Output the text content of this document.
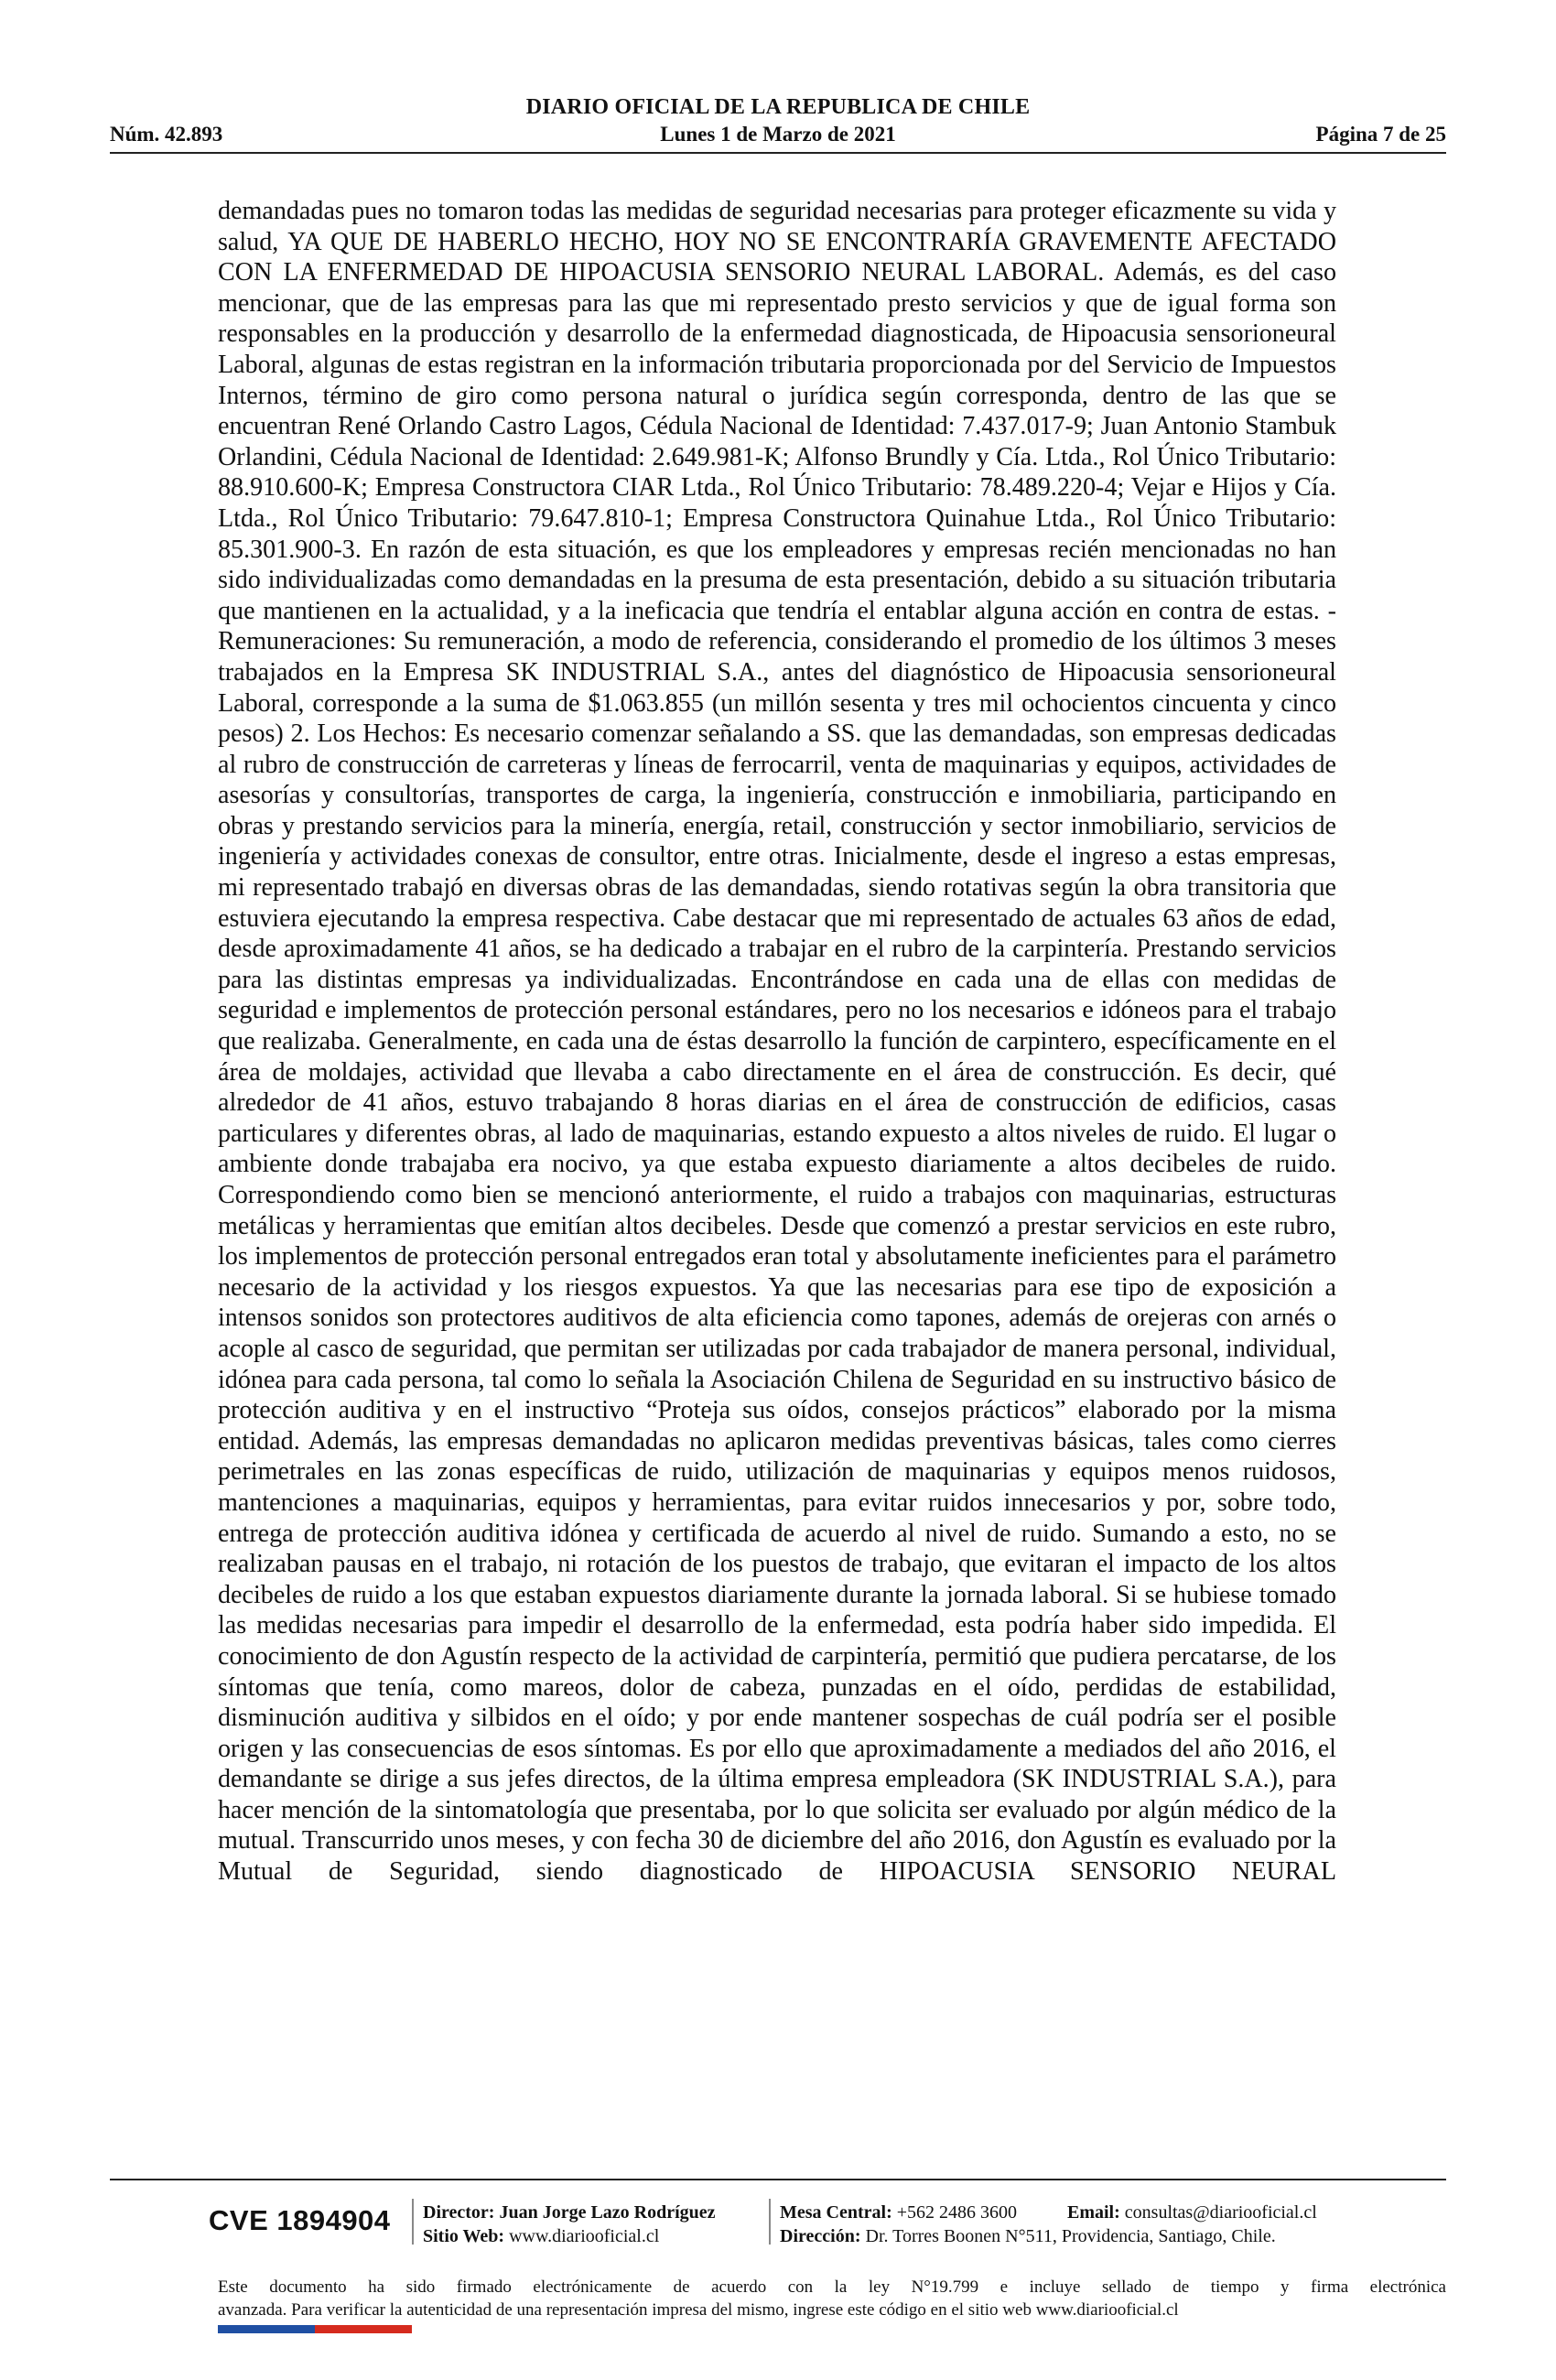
DIARIO OFICIAL DE LA REPUBLICA DE CHILE
Núm. 42.893	Lunes 1 de Marzo de 2021	Página 7 de 25
demandadas pues no tomaron todas las medidas de seguridad necesarias para proteger eficazmente su vida y salud, YA QUE DE HABERLO HECHO, HOY NO SE ENCONTRARÍA GRAVEMENTE AFECTADO CON LA ENFERMEDAD DE HIPOACUSIA SENSORIO NEURAL LABORAL. Además, es del caso mencionar, que de las empresas para las que mi representado presto servicios y que de igual forma son responsables en la producción y desarrollo de la enfermedad diagnosticada, de Hipoacusia sensorioneural Laboral, algunas de estas registran en la información tributaria proporcionada por del Servicio de Impuestos Internos, término de giro como persona natural o jurídica según corresponda, dentro de las que se encuentran René Orlando Castro Lagos, Cédula Nacional de Identidad: 7.437.017-9; Juan Antonio Stambuk Orlandini, Cédula Nacional de Identidad: 2.649.981-K; Alfonso Brundly y Cía. Ltda., Rol Único Tributario: 88.910.600-K; Empresa Constructora CIAR Ltda., Rol Único Tributario: 78.489.220-4; Vejar e Hijos y Cía. Ltda., Rol Único Tributario: 79.647.810-1; Empresa Constructora Quinahue Ltda., Rol Único Tributario: 85.301.900-3. En razón de esta situación, es que los empleadores y empresas recién mencionadas no han sido individualizadas como demandadas en la presuma de esta presentación, debido a su situación tributaria que mantienen en la actualidad, y a la ineficacia que tendría el entablar alguna acción en contra de estas. - Remuneraciones: Su remuneración, a modo de referencia, considerando el promedio de los últimos 3 meses trabajados en la Empresa SK INDUSTRIAL S.A., antes del diagnóstico de Hipoacusia sensorioneural Laboral, corresponde a la suma de $1.063.855 (un millón sesenta y tres mil ochocientos cincuenta y cinco pesos) 2. Los Hechos: Es necesario comenzar señalando a SS. que las demandadas, son empresas dedicadas al rubro de construcción de carreteras y líneas de ferrocarril, venta de maquinarias y equipos, actividades de asesorías y consultorías, transportes de carga, la ingeniería, construcción e inmobiliaria, participando en obras y prestando servicios para la minería, energía, retail, construcción y sector inmobiliario, servicios de ingeniería y actividades conexas de consultor, entre otras. Inicialmente, desde el ingreso a estas empresas, mi representado trabajó en diversas obras de las demandadas, siendo rotativas según la obra transitoria que estuviera ejecutando la empresa respectiva. Cabe destacar que mi representado de actuales 63 años de edad, desde aproximadamente 41 años, se ha dedicado a trabajar en el rubro de la carpintería. Prestando servicios para las distintas empresas ya individualizadas. Encontrándose en cada una de ellas con medidas de seguridad e implementos de protección personal estándares, pero no los necesarios e idóneos para el trabajo que realizaba. Generalmente, en cada una de éstas desarrollo la función de carpintero, específicamente en el área de moldajes, actividad que llevaba a cabo directamente en el área de construcción. Es decir, qué alrededor de 41 años, estuvo trabajando 8 horas diarias en el área de construcción de edificios, casas particulares y diferentes obras, al lado de maquinarias, estando expuesto a altos niveles de ruido. El lugar o ambiente donde trabajaba era nocivo, ya que estaba expuesto diariamente a altos decibeles de ruido. Correspondiendo como bien se mencionó anteriormente, el ruido a trabajos con maquinarias, estructuras metálicas y herramientas que emitían altos decibeles. Desde que comenzó a prestar servicios en este rubro, los implementos de protección personal entregados eran total y absolutamente ineficientes para el parámetro necesario de la actividad y los riesgos expuestos. Ya que las necesarias para ese tipo de exposición a intensos sonidos son protectores auditivos de alta eficiencia como tapones, además de orejeras con arnés o acople al casco de seguridad, que permitan ser utilizadas por cada trabajador de manera personal, individual, idónea para cada persona, tal como lo señala la Asociación Chilena de Seguridad en su instructivo básico de protección auditiva y en el instructivo “Proteja sus oídos, consejos prácticos” elaborado por la misma entidad. Además, las empresas demandadas no aplicaron medidas preventivas básicas, tales como cierres perimetrales en las zonas específicas de ruido, utilización de maquinarias y equipos menos ruidosos, mantenciones a maquinarias, equipos y herramientas, para evitar ruidos innecesarios y por, sobre todo, entrega de protección auditiva idónea y certificada de acuerdo al nivel de ruido. Sumando a esto, no se realizaban pausas en el trabajo, ni rotación de los puestos de trabajo, que evitaran el impacto de los altos decibeles de ruido a los que estaban expuestos diariamente durante la jornada laboral. Si se hubiese tomado las medidas necesarias para impedir el desarrollo de la enfermedad, esta podría haber sido impedida. El conocimiento de don Agustín respecto de la actividad de carpintería, permitió que pudiera percatarse, de los síntomas que tenía, como mareos, dolor de cabeza, punzadas en el oído, perdidas de estabilidad, disminución auditiva y silbidos en el oído; y por ende mantener sospechas de cuál podría ser el posible origen y las consecuencias de esos síntomas. Es por ello que aproximadamente a mediados del año 2016, el demandante se dirige a sus jefes directos, de la última empresa empleadora (SK INDUSTRIAL S.A.), para hacer mención de la sintomatología que presentaba, por lo que solicita ser evaluado por algún médico de la mutual. Transcurrido unos meses, y con fecha 30 de diciembre del año 2016, don Agustín es evaluado por la Mutual de Seguridad, siendo diagnosticado de HIPOACUSIA SENSORIO NEURAL
CVE 1894904 Director: Juan Jorge Lazo Rodríguez
Sitio Web: www.diariooficial.cl
Mesa Central: +562 2486 3600
Dirección: Dr. Torres Boonen N°511, Providencia, Santiago, Chile.
Email: consultas@diariooficial.cl
Este documento ha sido firmado electrónicamente de acuerdo con la ley N°19.799 e incluye sellado de tiempo y firma electrónica
avanzada. Para verificar la autenticidad de una representación impresa del mismo, ingrese este código en el sitio web www.diariooficial.cl
